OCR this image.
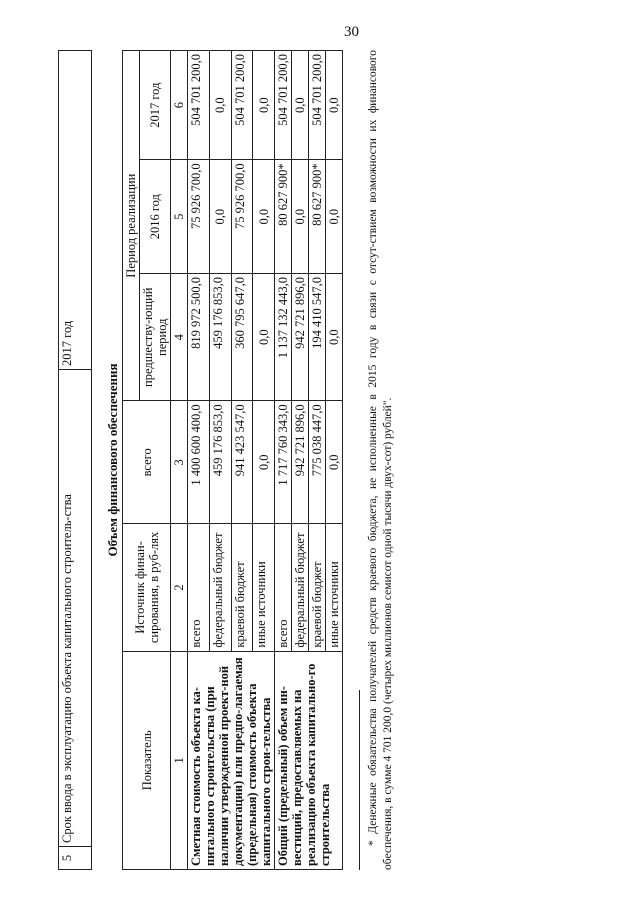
30
5	Срок ввода в эксплуатацию объекта капитального строитель-ства	2017 год
Объем финансового обеспечения					
Показатель	Источник финан-сирования, в руб-лях	всего	Период реализации		
			предшеству-ющий период	2016 год	2017 год
1	2	3	4	5	6
Сметная стоимость объекта ка-питального строительства (при наличии утвержденной проект-ной документации) или предпо-лагаемая (предельная) стоимость объекта капитального строи-тельства	всего	1 400 600 400,0	819 972 500,0	75 926 700,0	504 701 200,0
	федеральный бюджет	459 176 853,0	459 176 853,0	0,0	0,0
	краевой бюджет	941 423 547,0	360 795 647,0	75 926 700,0	504 701 200,0
	иные источники	0,0	0,0	0,0	0,0
Общий (предельный) объем ин-вестиций, предоставляемых на реализацию объекта капитально-го строительства	всего	1 717 760 343,0	1 137 132 443,0	80 627 900*	504 701 200,0
	федеральный бюджет	942 721 896,0	942 721 896,0	0,0	0,0
	краевой бюджет	775 038 447,0	194 410 547,0	80 627 900*	504 701 200,0
	иные источники	0,0	0,0	0,0	0,0 * Денежные обязательства получателей средств краевого бюджета, не исполненные в 2015 году в связи с отсут-ствием возможности их финансового обеспечения, в сумме 4 701 200,0 (четырех миллионов семисот одной тысячи двух-сот) рублей".
